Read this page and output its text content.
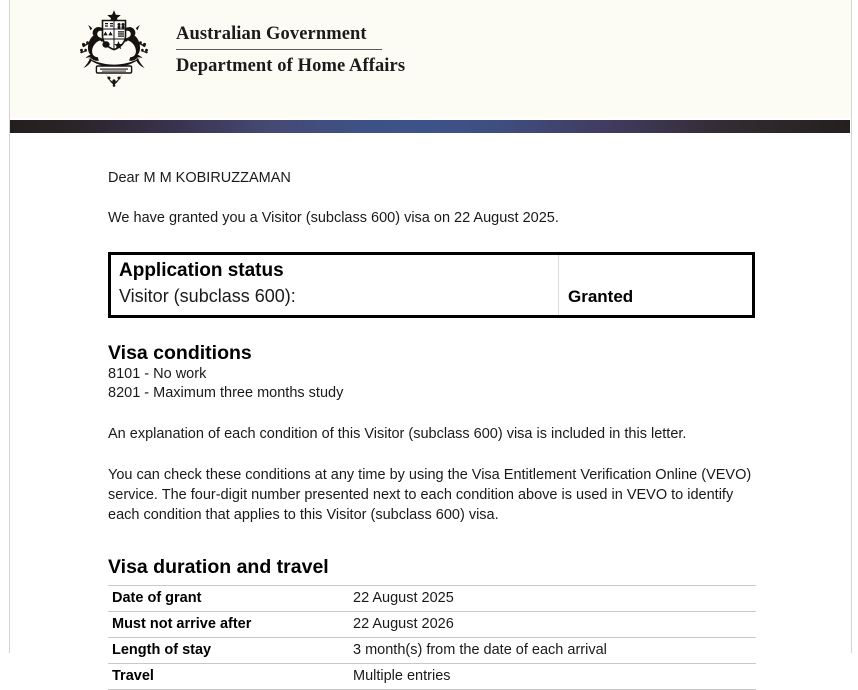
Australian Government
Department of Home Affairs

Dear M M KOBIRUZZAMAN

We have granted you a Visitor (subclass 600) visa on 22 August 2025.

Application status
Visitor (subclass 600):	Granted
Visa conditions
8101 - No work
8201 - Maximum three months study

An explanation of each condition of this Visitor (subclass 600) visa is included in this letter.

You can check these conditions at any time by using the Visa Entitlement Verification Online (VEVO) service. The four-digit number presented next to each condition above is used in VEVO to identify each condition that applies to this Visitor (subclass 600) visa.

Visa duration and travel
Date of grant	22 August 2025
Must not arrive after	22 August 2026
Length of stay	3 month(s) from the date of each arrival
Travel	Multiple entries
